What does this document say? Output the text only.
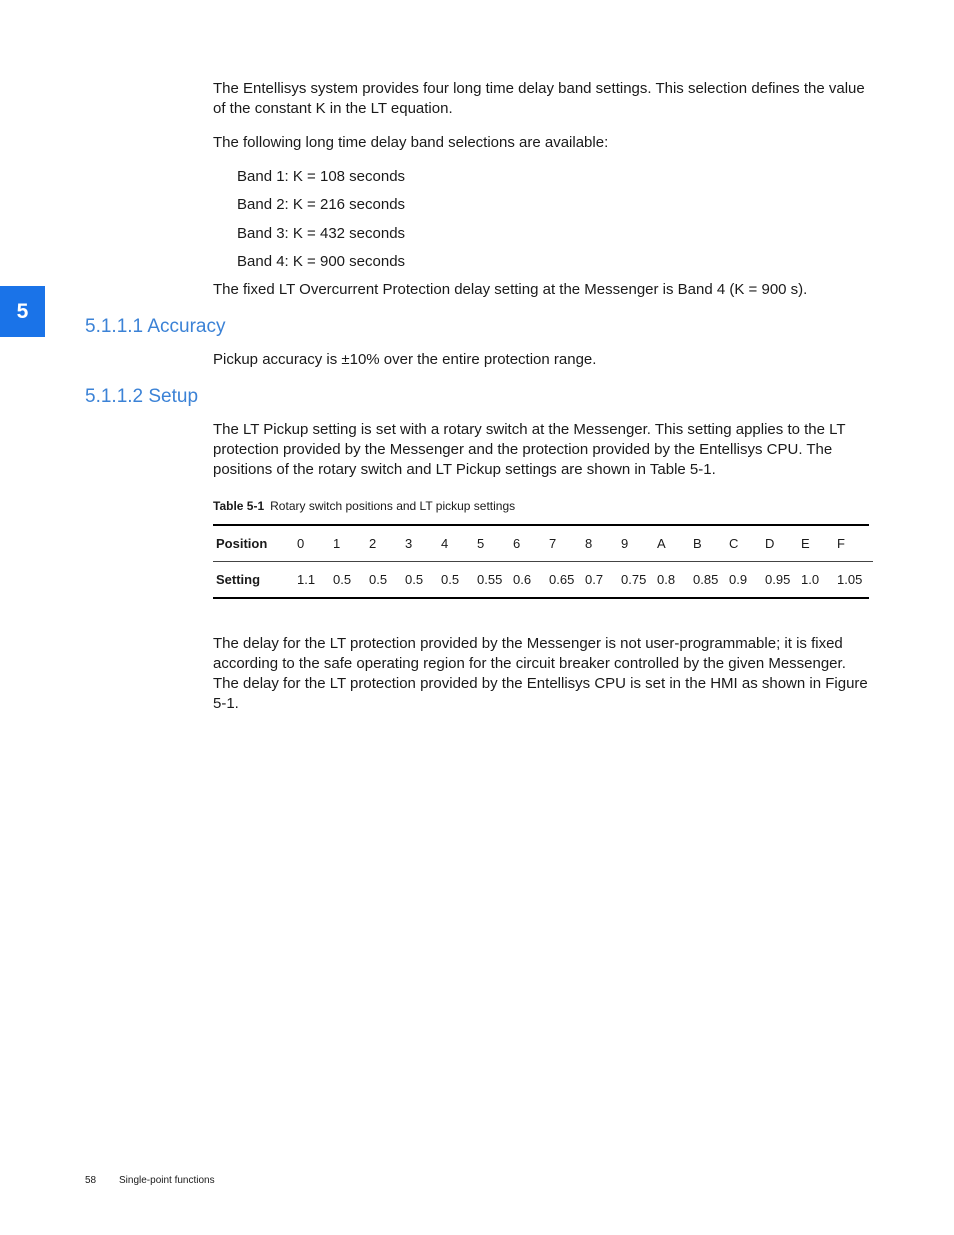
5

The Entellisys system provides four long time delay band settings. This selection defines the value of the constant K in the LT equation.

The following long time delay band selections are available:

Band 1: K = 108 seconds

Band 2: K = 216 seconds

Band 3: K = 432 seconds

Band 4: K = 900 seconds

The fixed LT Overcurrent Protection delay setting at the Messenger is Band 4 (K = 900 s).

5.1.1.1 Accuracy

Pickup accuracy is ±10% over the entire protection range.

5.1.1.2 Setup

The LT Pickup setting is set with a rotary switch at the Messenger. This setting applies to the LT protection provided by the Messenger and the protection provided by the Entellisys CPU. The positions of the rotary switch and LT Pickup settings are shown in Table 5-1.

Table 5-1 Rotary switch positions and LT pickup settings

Position	0	1	2	3	4	5	6	7	8	9	A	B	C	D	E	F
Setting	1.1	0.5	0.5	0.5	0.5	0.55	0.6	0.65	0.7	0.75	0.8	0.85	0.9	0.95	1.0	1.05

The delay for the LT protection provided by the Messenger is not user-programmable; it is fixed according to the safe operating region for the circuit breaker controlled by the given Messenger. The delay for the LT protection provided by the Entellisys CPU is set in the HMI as shown in Figure 5-1.

58 Single-point functions
